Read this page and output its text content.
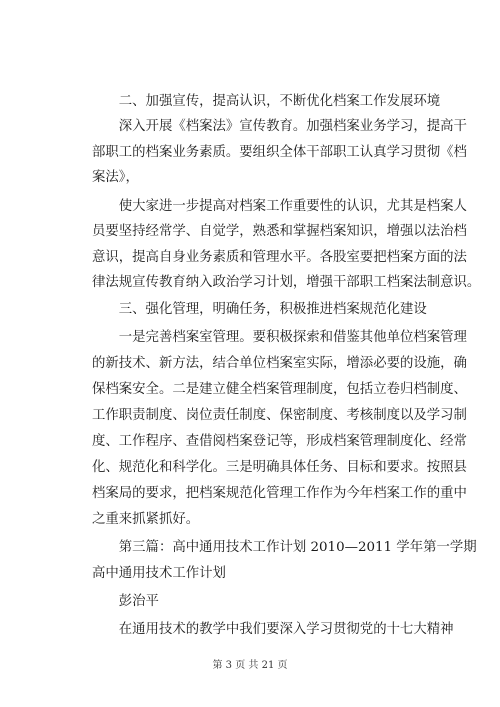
　　二、加强宣传，提高认识，不断优化档案工作发展环境
　　深入开展《档案法》宣传教育。加强档案业务学习，提高干
部职工的档案业务素质。要组织全体干部职工认真学习贯彻《档
案法》，
　　使大家进一步提高对档案工作重要性的认识，尤其是档案人
员要坚持经常学、自觉学，熟悉和掌握档案知识，增强以法治档
意识，提高自身业务素质和管理水平。各股室要把档案方面的法
律法规宣传教育纳入政治学习计划，增强干部职工档案法制意识。
　　三、强化管理，明确任务，积极推进档案规范化建设
　　一是完善档案室管理。要积极探索和借鉴其他单位档案管理
的新技术、新方法，结合单位档案室实际，增添必要的设施，确
保档案安全。二是建立健全档案管理制度，包括立卷归档制度、
工作职责制度、岗位责任制度、保密制度、考核制度以及学习制
度、工作程序、查借阅档案登记等，形成档案管理制度化、经常
化、规范化和科学化。三是明确具体任务、目标和要求。按照县
档案局的要求，把档案规范化管理工作作为今年档案工作的重中
之重来抓紧抓好。
　　第三篇：高中通用技术工作计划 2010—2011 学年第一学期
高中通用技术工作计划
　　彭治平
第 3 页 共 21 页
　　在通用技术的教学中我们要深入学习贯彻党的十七大精神
